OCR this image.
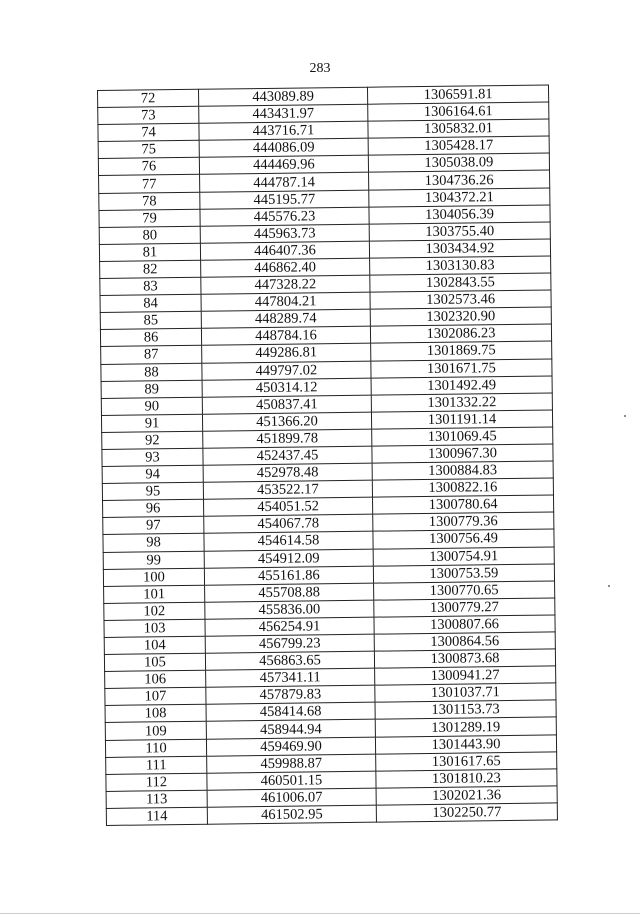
283
72	443089.89	1306591.81
73	443431.97	1306164.61
74	443716.71	1305832.01
75	444086.09	1305428.17
76	444469.96	1305038.09
77	444787.14	1304736.26
78	445195.77	1304372.21
79	445576.23	1304056.39
80	445963.73	1303755.40
81	446407.36	1303434.92
82	446862.40	1303130.83
83	447328.22	1302843.55
84	447804.21	1302573.46
85	448289.74	1302320.90
86	448784.16	1302086.23
87	449286.81	1301869.75
88	449797.02	1301671.75
89	450314.12	1301492.49
90	450837.41	1301332.22
91	451366.20	1301191.14
92	451899.78	1301069.45
93	452437.45	1300967.30
94	452978.48	1300884.83
95	453522.17	1300822.16
96	454051.52	1300780.64
97	454067.78	1300779.36
98	454614.58	1300756.49
99	454912.09	1300754.91
100	455161.86	1300753.59
101	455708.88	1300770.65
102	455836.00	1300779.27
103	456254.91	1300807.66
104	456799.23	1300864.56
105	456863.65	1300873.68
106	457341.11	1300941.27
107	457879.83	1301037.71
108	458414.68	1301153.73
109	458944.94	1301289.19
110	459469.90	1301443.90
111	459988.87	1301617.65
112	460501.15	1301810.23
113	461006.07	1302021.36
114	461502.95	1302250.77
